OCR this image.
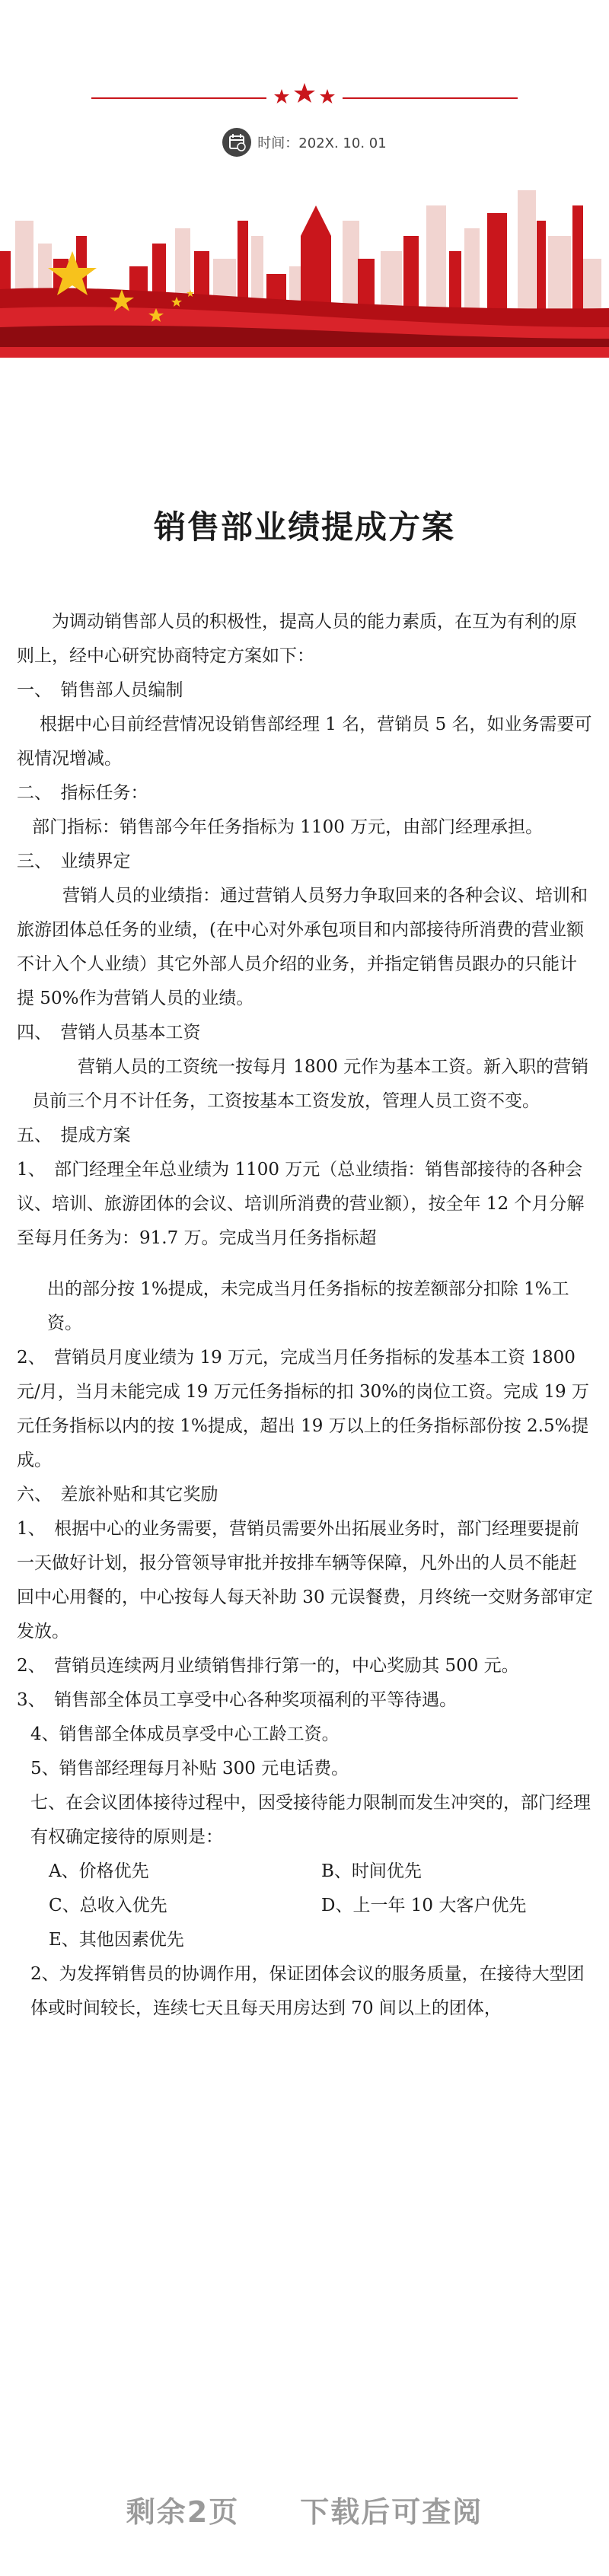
时间：202X. 10. 01
销售部业绩提成方案

为调动销售部人员的积极性，提高人员的能力素质，在互为有利的原则上，经中心研究协商特定方案如下：

一、　销售部人员编制

根据中心目前经营情况设销售部经理 1 名，营销员 5 名，如业务需要可视情况增减。

二、　指标任务：

部门指标：销售部今年任务指标为 1100 万元，由部门经理承担。

三、　业绩界定

营销人员的业绩指：通过营销人员努力争取回来的各种会议、培训和旅游团体总任务的业绩，(在中心对外承包项目和内部接待所消费的营业额不计入个人业绩）其它外部人员介绍的业务，并指定销售员跟办的只能计提 50%作为营销人员的业绩。

四、　营销人员基本工资

营销人员的工资统一按每月 1800 元作为基本工资。新入职的营销员前三个月不计任务，工资按基本工资发放，管理人员工资不变。

五、　提成方案

1、　部门经理全年总业绩为 1100 万元（总业绩指：销售部接待的各种会议、培训、旅游团体的会议、培训所消费的营业额），按全年 12 个月分解至每月任务为：91.7 万。完成当月任务指标超

出的部分按 1%提成，未完成当月任务指标的按差额部分扣除 1%工资。

2、　营销员月度业绩为 19 万元，完成当月任务指标的发基本工资 1800 元/月，当月未能完成 19 万元任务指标的扣 30%的岗位工资。完成 19 万元任务指标以内的按 1%提成，超出 19 万以上的任务指标部份按 2.5%提成。

六、　差旅补贴和其它奖励

1、　根据中心的业务需要，营销员需要外出拓展业务时，部门经理要提前一天做好计划，报分管领导审批并按排车辆等保障，凡外出的人员不能赶回中心用餐的，中心按每人每天补助 30 元误餐费，月终统一交财务部审定发放。

2、　营销员连续两月业绩销售排行第一的，中心奖励其 500 元。

3、　销售部全体员工享受中心各种奖项福利的平等待遇。

4、销售部全体成员享受中心工龄工资。

5、销售部经理每月补贴 300 元电话费。

七、在会议团体接待过程中，因受接待能力限制而发生冲突的，部门经理有权确定接待的原则是：

A、价格优先	B、时间优先
C、总收入优先	D、上一年 10 大客户优先
E、其他因素优先

2、为发挥销售员的协调作用，保证团体会议的服务质量，在接待大型团体或时间较长，连续七天且每天用房达到 70 间以上的团体，

剩余2页　　下载后可查阅
